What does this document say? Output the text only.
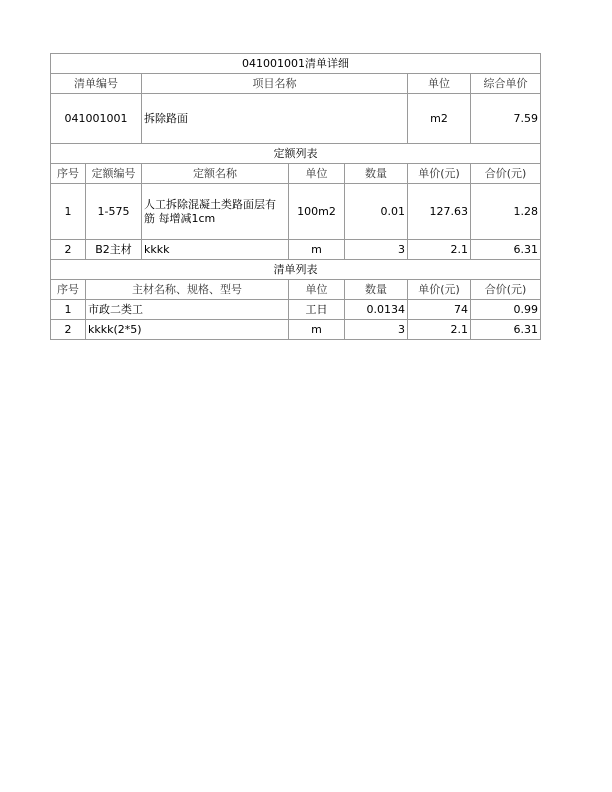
041001001清单详细						
清单编号		项目名称			单位	综合单价
041001001		拆除路面			m2	7.59
定额列表						
序号	定额编号	定额名称	单位	数量	单价(元)	合价(元)
1	1-575	人工拆除混凝土类路面层有筋 每增减1cm	100m2	0.01	127.63	1.28
2	B2主材	kkkk	m	3	2.1	6.31
清单列表						
序号	主材名称、规格、型号		单位	数量	单价(元)	合价(元)
1	市政二类工		工日	0.0134	74	0.99
2	kkkk(2*5)		m	3	2.1	6.31
